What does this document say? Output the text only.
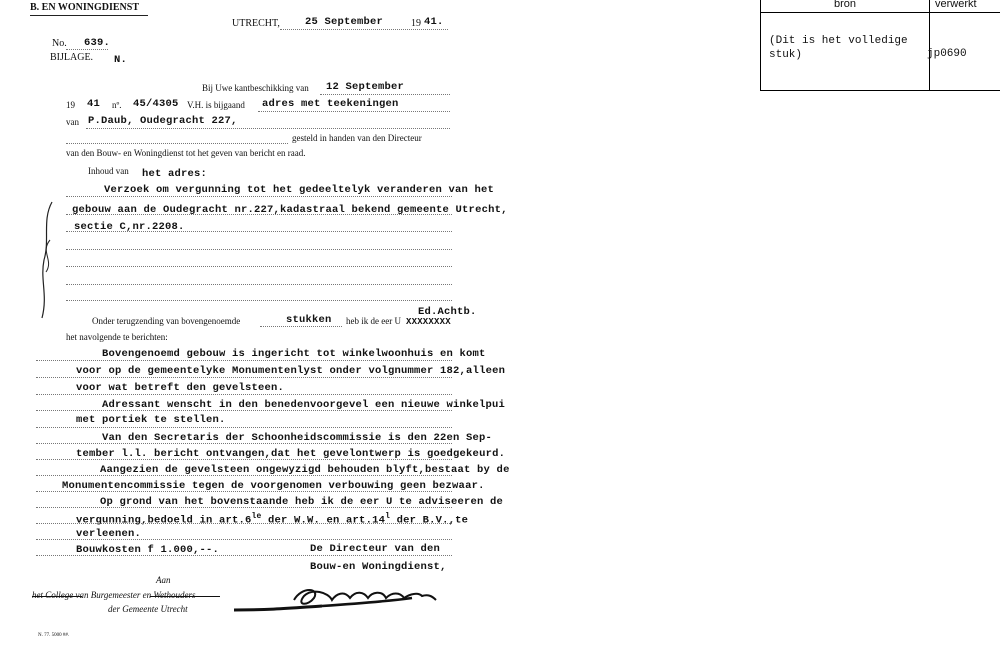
B. EN WONINGDIENST
UTRECHT, 25 September	19 41.
No. 639.
BIJLAGE. N.
Bij Uwe kantbeschikking van 12 September
19 41 nº. 45/4305 V.H. is bijgaand adres met teekeningen
van P.Daub, Oudegracht 227,
gesteld in handen van den Directeur
van den Bouw- en Woningdienst tot het geven van bericht en raad.
Inhoud van het adres:
Verzoek om vergunning tot het gedeeltelyk veranderen van het
gebouw aan de Oudegracht nr.227,kadastraal bekend gemeente Utrecht,
sectie C,nr.2208.
Onder terugzending van bovengenoemde	stukken heb ik de eer U
Ed.Achtb.
XXXXXXXX
het navolgende te berichten:
Bovengenoemd gebouw is ingericht tot winkelwoonhuis en komt
voor op de gemeentelyke Monumentenlyst onder volgnummer 182,alleen
voor wat betreft den gevelsteen.
Adressant wenscht in den benedenvoorgevel een nieuwe winkelpui
met portiek te stellen.
Van den Secretaris der Schoonheidscommissie is den 22en Sep-
tember l.l. bericht ontvangen,dat het gevelontwerp is goedgekeurd.
Aangezien de gevelsteen ongewyzigd behouden blyft,bestaat by de
Monumentencommissie tegen de voorgenomen verbouwing geen bezwaar.
Op grond van het bovenstaande heb ik de eer U te adviseeren de
vergunning,bedoeld in $art.6^{le}$ der W.W. en art.14$^l$ der B.V.,te
verleenen.
Bouwkosten f 1.000,--.	De Directeur van den
Bouw-en Woningdienst,
Aan
het College van Burgemeester en Wethouders
der Gemeente Utrecht
N. 77. 5000 ##.
bron	verwerkt
(Dit is het volledige stuk)	jp0690
